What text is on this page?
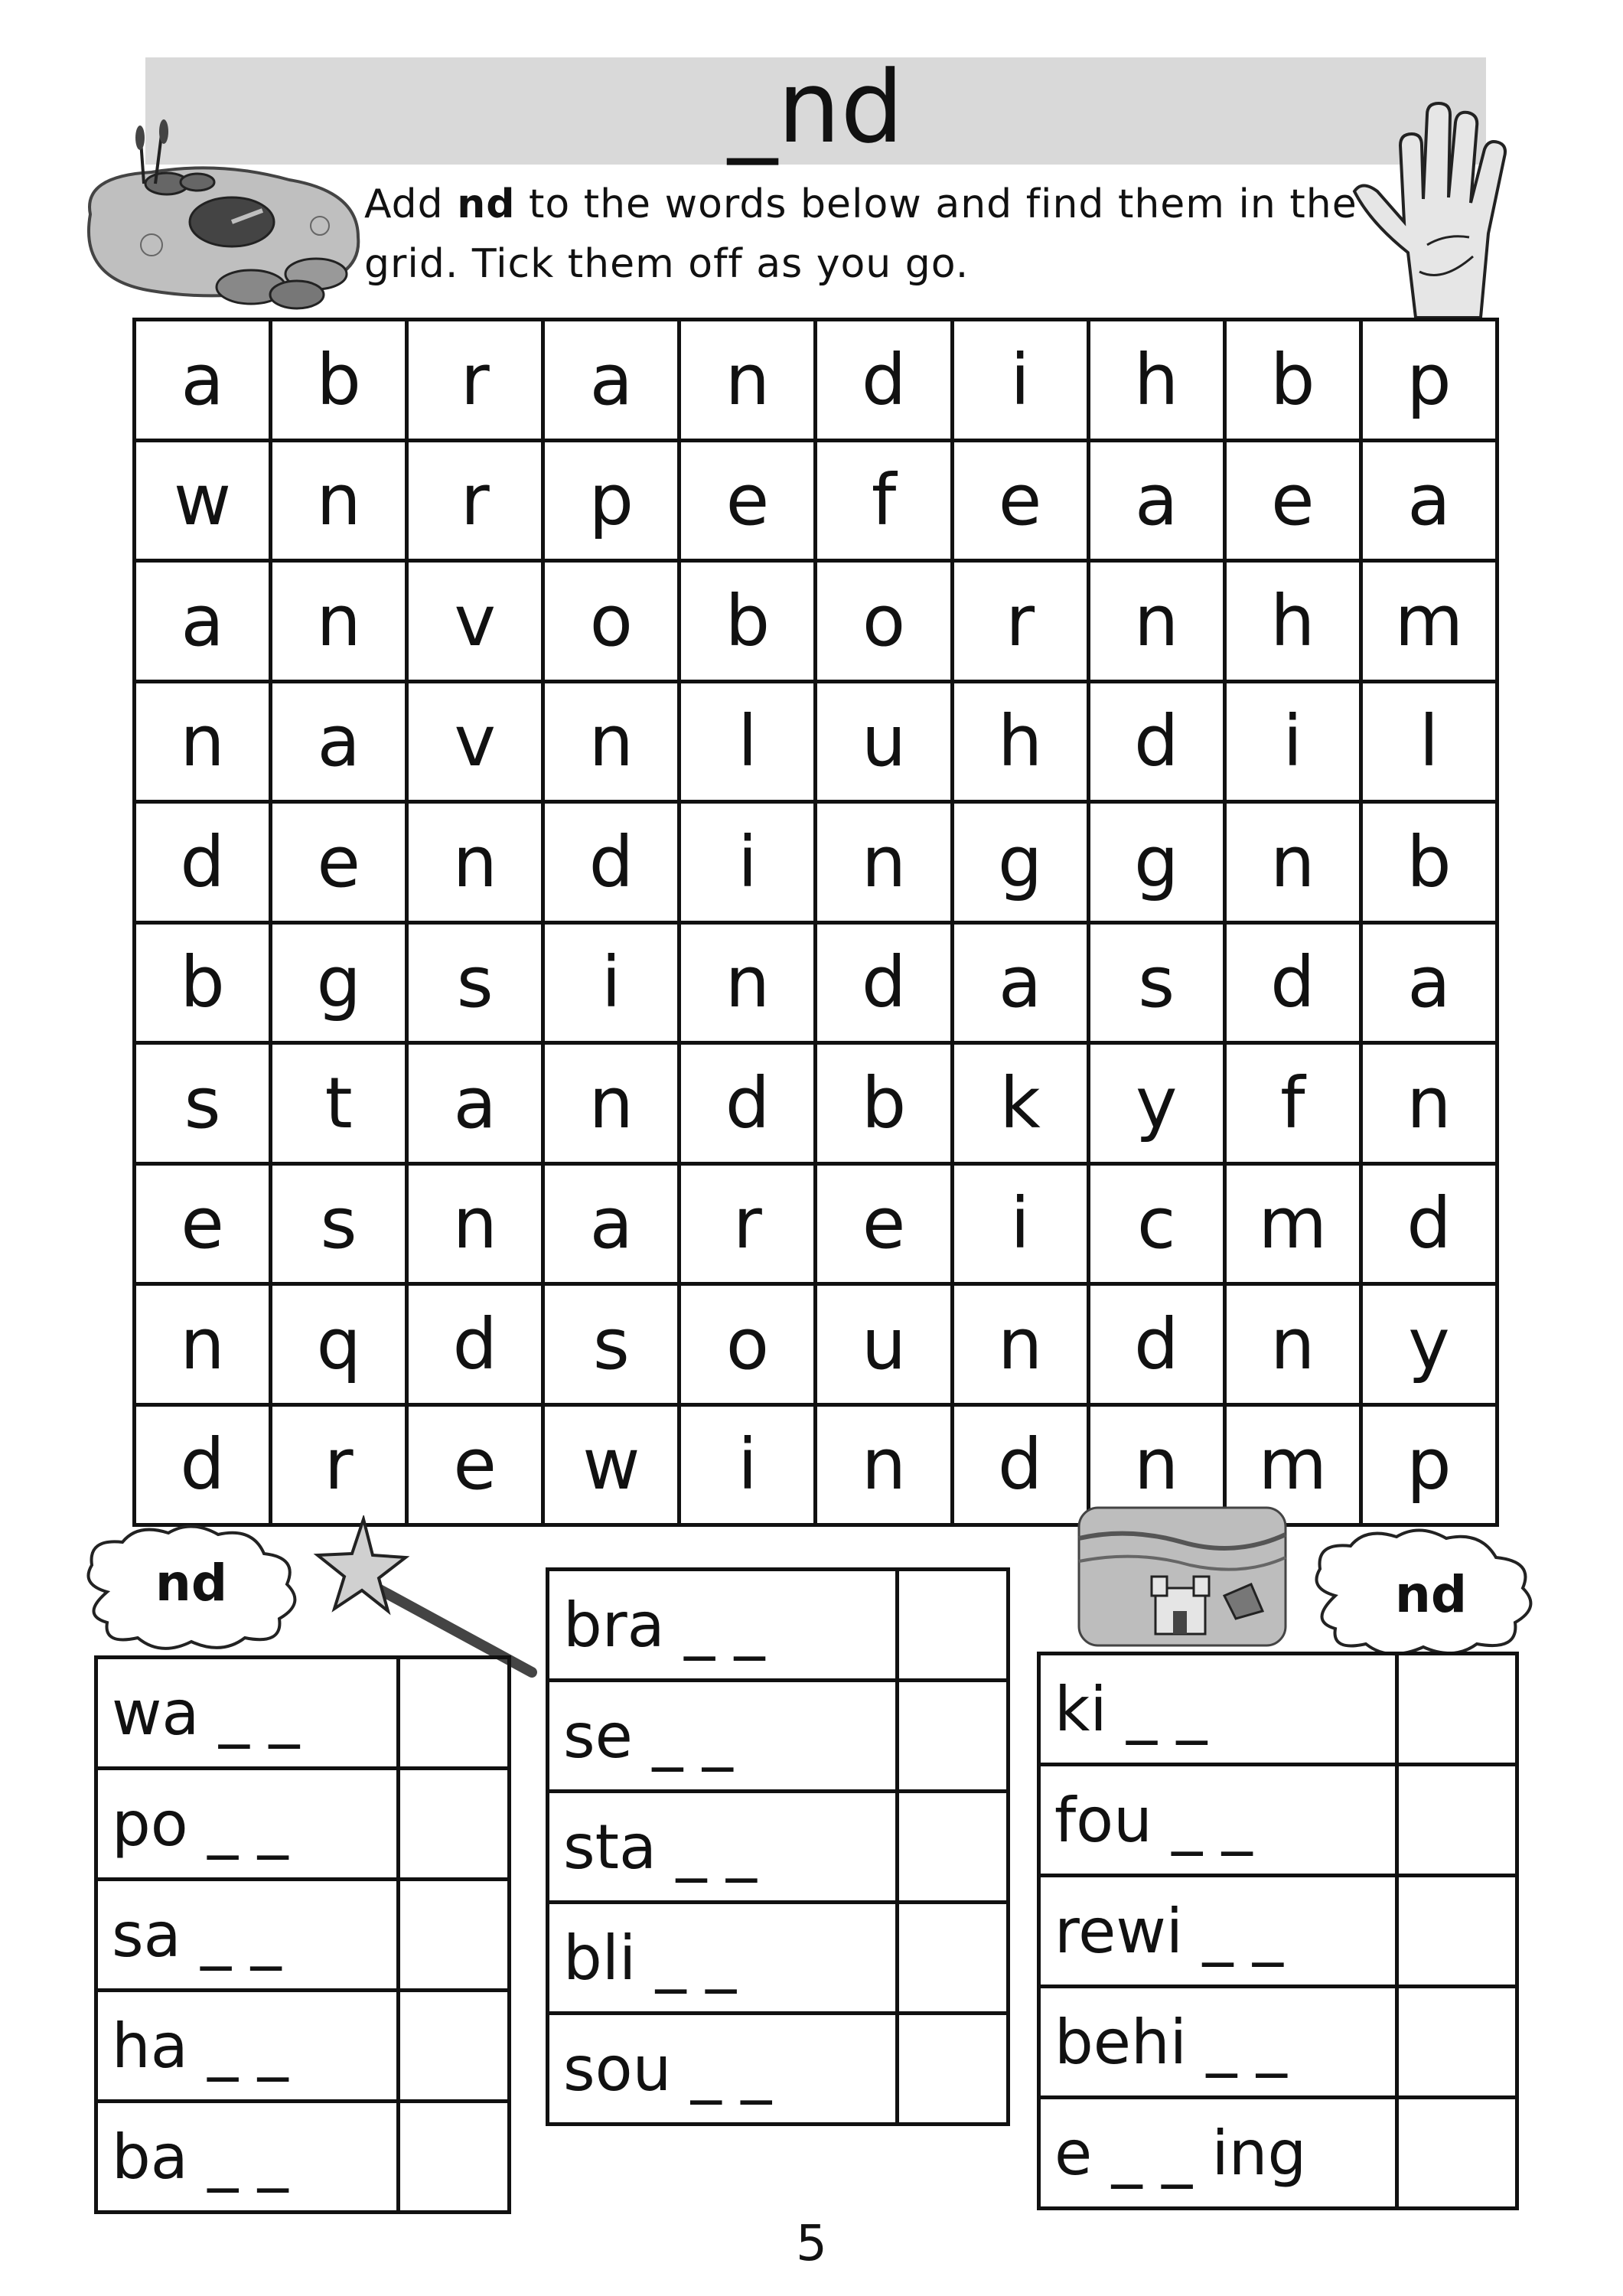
_nd
Add nd to the words below and find them in the grid. Tick them off as you go.
a	b	r	a	n	d	i	h	b	p
w	n	r	p	e	f	e	a	e	a
a	n	v	o	b	o	r	n	h	m
n	a	v	n	l	u	h	d	i	l
d	e	n	d	i	n	g	g	n	b
b	g	s	i	n	d	a	s	d	a
s	t	a	n	d	b	k	y	f	n
e	s	n	a	r	e	i	c	m	d
n	q	d	s	o	u	n	d	n	y
d	r	e	w	i	n	d	n	m	p
nd	nd
wa _ _	
po _ _	
sa _ _	
ha _ _	
ba _ _	
bra _ _	
se _ _	
sta _ _	
bli _ _	
sou _ _	
ki _ _	
fou _ _	
rewi _ _	
behi _ _	
e _ _ ing	
5
